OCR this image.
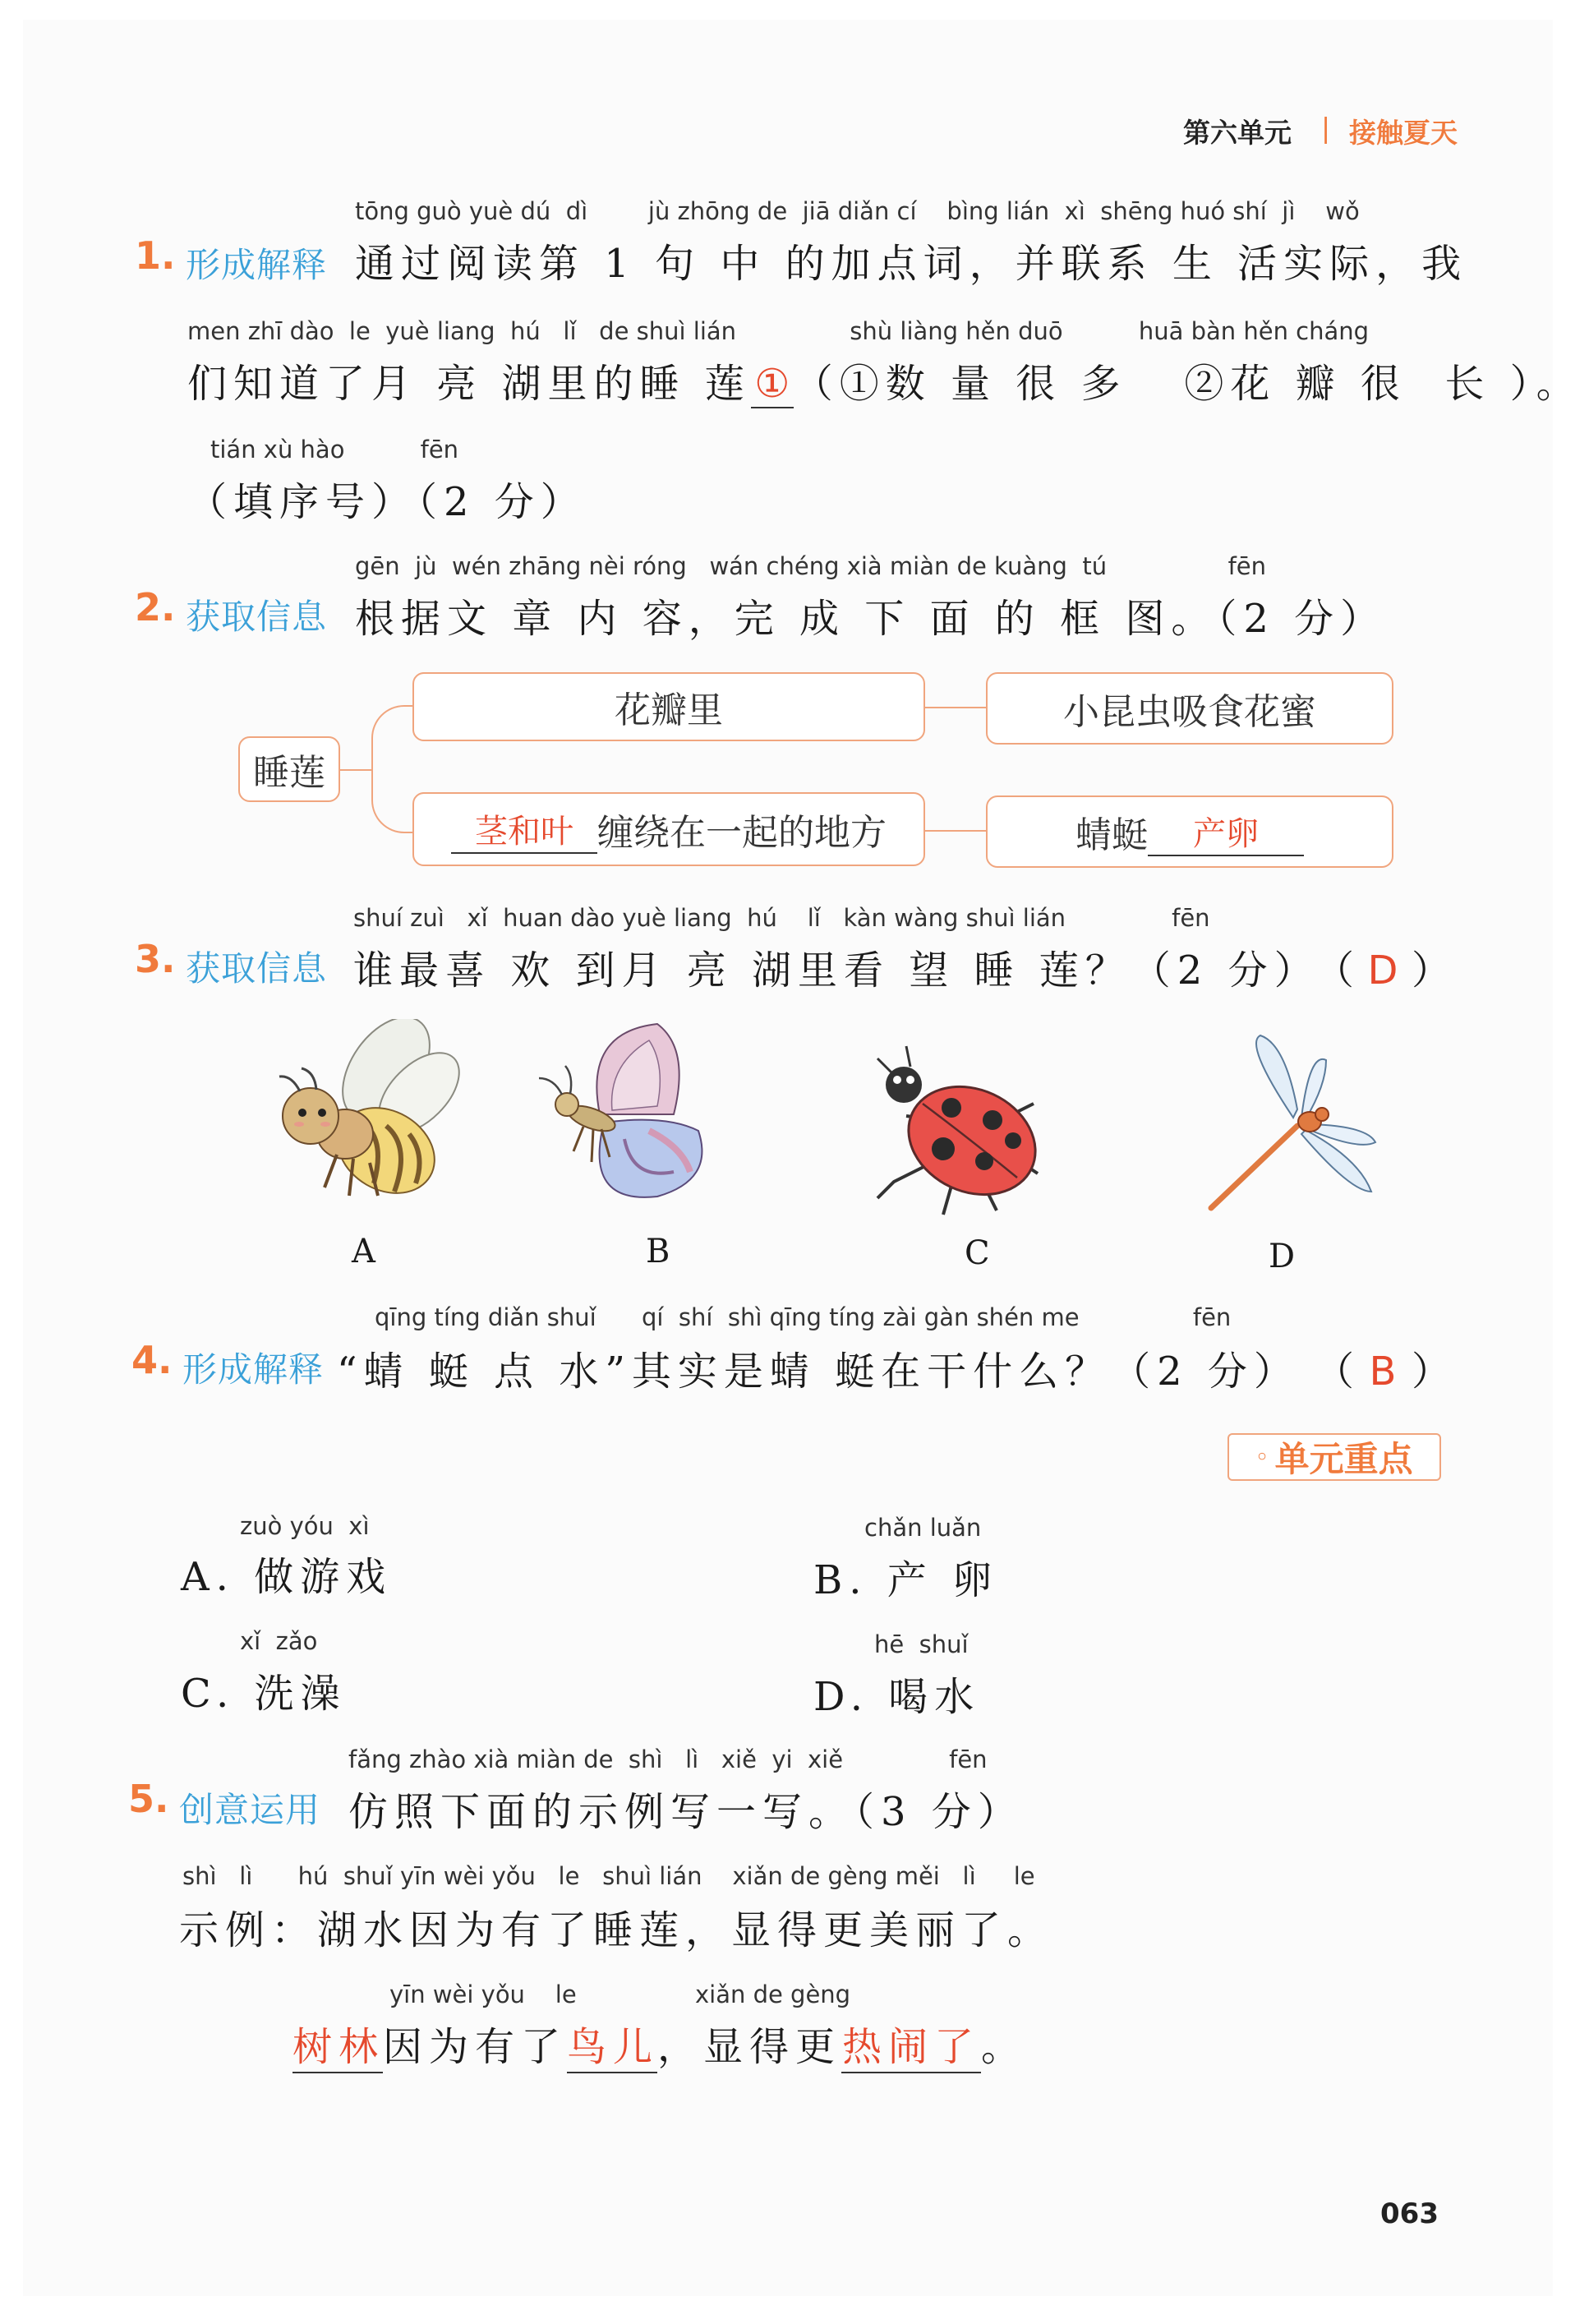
第六单元 | 接触夏天
1. 形成解释
tōng guò yuè dú  dì        jù zhōng de  jiā diǎn cí    bìng lián  xì  shēng huó shí  jì    wǒ
通过阅读第 1 句 中 的加点词，并联系 生 活实际，我
men zhī dào  le  yuè liang  hú   lǐ   de shuì lián               shù liàng hěn duō          huā bàn hěn cháng
们知道了月 亮 湖里的睡 莲①（①数 量 很 多   ②花 瓣 很  长 ）。
tián xù hào          fēn
（填序号）（2 分）
2. 获取信息
gēn  jù  wén zhāng nèi róng   wán chéng xià miàn de kuàng  tú                fēn
根据文 章 内 容，完 成 下 面 的 框 图。（2 分）
睡莲
花瓣里	小昆虫吸食花蜜
茎和叶 缠绕在一起的地方	蜻蜓	产卵
3. 获取信息
shuí zuì   xǐ  huan dào yuè liang  hú    lǐ   kàn wàng shuì lián              fēn
谁最喜 欢 到月 亮 湖里看 望 睡 莲？（2 分）
（ D ）
A	B	C	D
4. 形成解释
qīng tíng diǎn shuǐ      qí  shí  shì qīng tíng zài gàn shén me               fēn
“蜻 蜓 点 水”其实是蜻 蜓在干什么？（2 分） （ B ）
◦ 单元重点
zuò yóu  xì
A. 做游戏
chǎn luǎn
B. 产 卵
xǐ  zǎo
C. 洗澡
hē  shuǐ
D. 喝水
5. 创意运用
fǎng zhào xià miàn de  shì   lì   xiě  yi  xiě              fēn
仿照下面的示例写一写。（3 分）
shì   lì      hú  shuǐ yīn wèi yǒu   le   shuì lián    xiǎn de gèng měi   lì     le
示例：湖水因为有了睡莲，显得更美丽了。
yīn wèi yǒu    le	xiǎn de gèng
树林因为有了鸟儿，显得更热闹了。
063
